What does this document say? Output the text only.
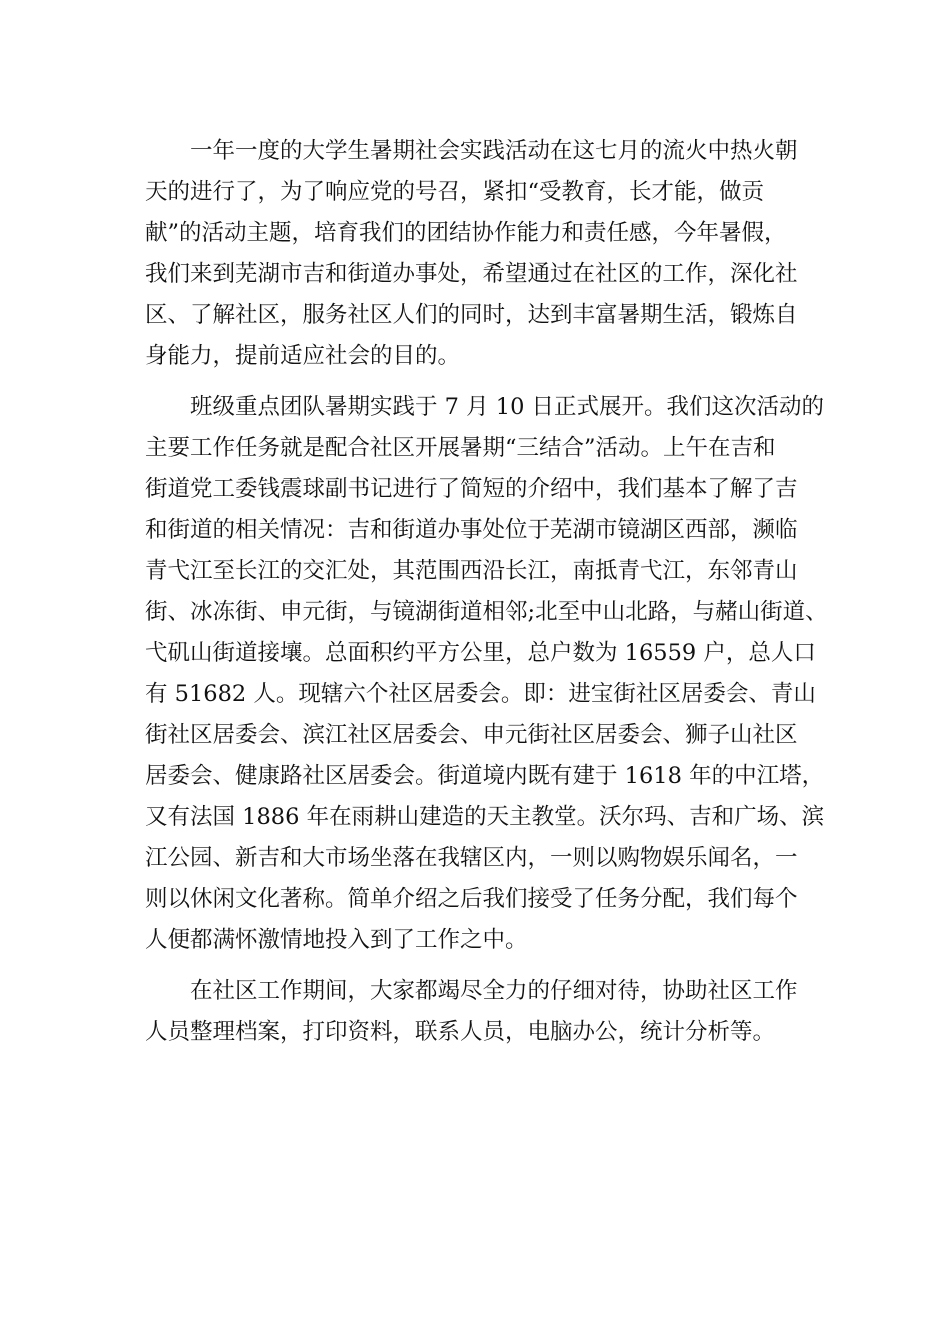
一年一度的大学生暑期社会实践活动在这七月的流火中热火朝
天的进行了，为了响应党的号召，紧扣“受教育，长才能，做贡
献”的活动主题，培育我们的团结协作能力和责任感，今年暑假，
我们来到芜湖市吉和街道办事处，希望通过在社区的工作，深化社
区、了解社区，服务社区人们的同时，达到丰富暑期生活，锻炼自
身能力，提前适应社会的目的。

班级重点团队暑期实践于 7 月 10 日正式展开。我们这次活动的
主要工作任务就是配合社区开展暑期“三结合”活动。上午在吉和
街道党工委钱震球副书记进行了简短的介绍中，我们基本了解了吉
和街道的相关情况：吉和街道办事处位于芜湖市镜湖区西部，濒临
青弋江至长江的交汇处，其范围西沿长江，南抵青弋江，东邻青山
街、冰冻街、申元街，与镜湖街道相邻;北至中山北路，与赭山街道、
弋矶山街道接壤。总面积约平方公里，总户数为 16559 户，总人口
有 51682 人。现辖六个社区居委会。即：进宝街社区居委会、青山
街社区居委会、滨江社区居委会、申元街社区居委会、狮子山社区
居委会、健康路社区居委会。街道境内既有建于 1618 年的中江塔，
又有法国 1886 年在雨耕山建造的天主教堂。沃尔玛、吉和广场、滨
江公园、新吉和大市场坐落在我辖区内，一则以购物娱乐闻名，一
则以休闲文化著称。简单介绍之后我们接受了任务分配，我们每个
人便都满怀激情地投入到了工作之中。

在社区工作期间，大家都竭尽全力的仔细对待，协助社区工作
人员整理档案，打印资料，联系人员，电脑办公，统计分析等。
